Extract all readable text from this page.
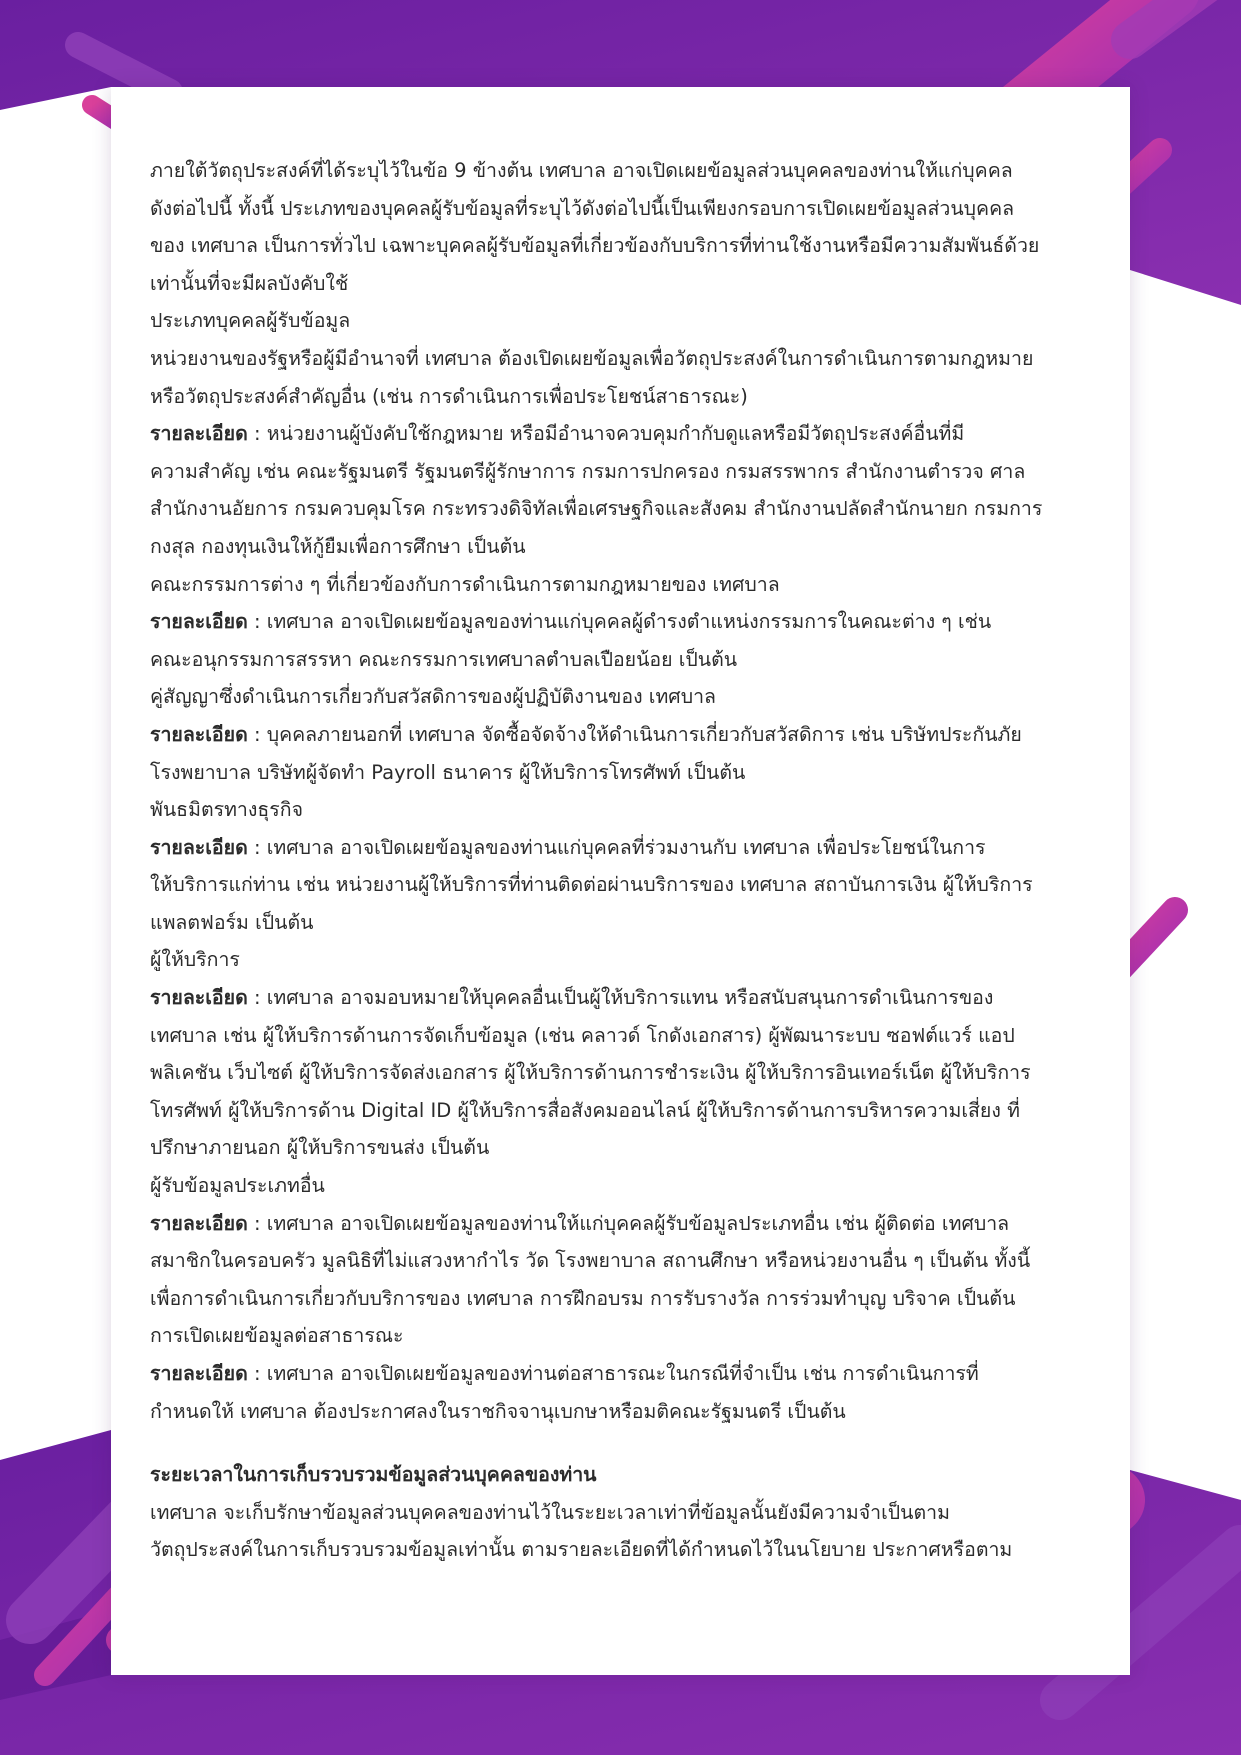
ภายใต้วัตถุประสงค์ที่ได้ระบุไว้ในข้อ 9 ข้างต้น เทศบาล อาจเปิดเผยข้อมูลส่วนบุคคลของท่านให้แก่บุคคล

ดังต่อไปนี้ ทั้งนี้ ประเภทของบุคคลผู้รับข้อมูลที่ระบุไว้ดังต่อไปนี้เป็นเพียงกรอบการเปิดเผยข้อมูลส่วนบุคคล

ของ เทศบาล เป็นการทั่วไป เฉพาะบุคคลผู้รับข้อมูลที่เกี่ยวข้องกับบริการที่ท่านใช้งานหรือมีความสัมพันธ์ด้วย

เท่านั้นที่จะมีผลบังคับใช้

ประเภทบุคคลผู้รับข้อมูล

หน่วยงานของรัฐหรือผู้มีอำนาจที่ เทศบาล ต้องเปิดเผยข้อมูลเพื่อวัตถุประสงค์ในการดำเนินการตามกฎหมาย

หรือวัตถุประสงค์สำคัญอื่น (เช่น การดำเนินการเพื่อประโยชน์สาธารณะ)

รายละเอียด : หน่วยงานผู้บังคับใช้กฎหมาย หรือมีอำนาจควบคุมกำกับดูแลหรือมีวัตถุประสงค์อื่นที่มี

ความสำคัญ เช่น คณะรัฐมนตรี รัฐมนตรีผู้รักษาการ กรมการปกครอง กรมสรรพากร สำนักงานตำรวจ ศาล

สำนักงานอัยการ กรมควบคุมโรค กระทรวงดิจิทัลเพื่อเศรษฐกิจและสังคม สำนักงานปลัดสำนักนายก กรมการ

กงสุล กองทุนเงินให้กู้ยืมเพื่อการศึกษา เป็นต้น

คณะกรรมการต่าง ๆ ที่เกี่ยวข้องกับการดำเนินการตามกฎหมายของ เทศบาล

รายละเอียด : เทศบาล อาจเปิดเผยข้อมูลของท่านแก่บุคคลผู้ดำรงตำแหน่งกรรมการในคณะต่าง ๆ เช่น

คณะอนุกรรมการสรรหา คณะกรรมการเทศบาลตำบลเปือยน้อย เป็นต้น

คู่สัญญาซึ่งดำเนินการเกี่ยวกับสวัสดิการของผู้ปฏิบัติงานของ เทศบาล

รายละเอียด : บุคคลภายนอกที่ เทศบาล จัดซื้อจัดจ้างให้ดำเนินการเกี่ยวกับสวัสดิการ เช่น บริษัทประกันภัย

โรงพยาบาล บริษัทผู้จัดทำ Payroll ธนาคาร ผู้ให้บริการโทรศัพท์ เป็นต้น

พันธมิตรทางธุรกิจ

รายละเอียด : เทศบาล อาจเปิดเผยข้อมูลของท่านแก่บุคคลที่ร่วมงานกับ เทศบาล เพื่อประโยชน์ในการ

ให้บริการแก่ท่าน เช่น หน่วยงานผู้ให้บริการที่ท่านติดต่อผ่านบริการของ เทศบาล สถาบันการเงิน ผู้ให้บริการ

แพลตฟอร์ม เป็นต้น

ผู้ให้บริการ

รายละเอียด : เทศบาล อาจมอบหมายให้บุคคลอื่นเป็นผู้ให้บริการแทน หรือสนับสนุนการดำเนินการของ

เทศบาล เช่น ผู้ให้บริการด้านการจัดเก็บข้อมูล (เช่น คลาวด์ โกดังเอกสาร) ผู้พัฒนาระบบ ซอฟต์แวร์ แอป

พลิเคชัน เว็บไซต์ ผู้ให้บริการจัดส่งเอกสาร ผู้ให้บริการด้านการชำระเงิน ผู้ให้บริการอินเทอร์เน็ต ผู้ให้บริการ

โทรศัพท์ ผู้ให้บริการด้าน Digital ID ผู้ให้บริการสื่อสังคมออนไลน์ ผู้ให้บริการด้านการบริหารความเสี่ยง ที่

ปรึกษาภายนอก ผู้ให้บริการขนส่ง เป็นต้น

ผู้รับข้อมูลประเภทอื่น

รายละเอียด : เทศบาล อาจเปิดเผยข้อมูลของท่านให้แก่บุคคลผู้รับข้อมูลประเภทอื่น เช่น ผู้ติดต่อ เทศบาล

สมาชิกในครอบครัว มูลนิธิที่ไม่แสวงหากำไร วัด โรงพยาบาล สถานศึกษา หรือหน่วยงานอื่น ๆ เป็นต้น ทั้งนี้

เพื่อการดำเนินการเกี่ยวกับบริการของ เทศบาล การฝึกอบรม การรับรางวัล การร่วมทำบุญ บริจาค เป็นต้น

การเปิดเผยข้อมูลต่อสาธารณะ

รายละเอียด : เทศบาล อาจเปิดเผยข้อมูลของท่านต่อสาธารณะในกรณีที่จำเป็น เช่น การดำเนินการที่

กำหนดให้ เทศบาล ต้องประกาศลงในราชกิจจานุเบกษาหรือมติคณะรัฐมนตรี เป็นต้น

ระยะเวลาในการเก็บรวบรวมข้อมูลส่วนบุคคลของท่าน

เทศบาล จะเก็บรักษาข้อมูลส่วนบุคคลของท่านไว้ในระยะเวลาเท่าที่ข้อมูลนั้นยังมีความจำเป็นตาม

วัตถุประสงค์ในการเก็บรวบรวมข้อมูลเท่านั้น ตามรายละเอียดที่ได้กำหนดไว้ในนโยบาย ประกาศหรือตาม
